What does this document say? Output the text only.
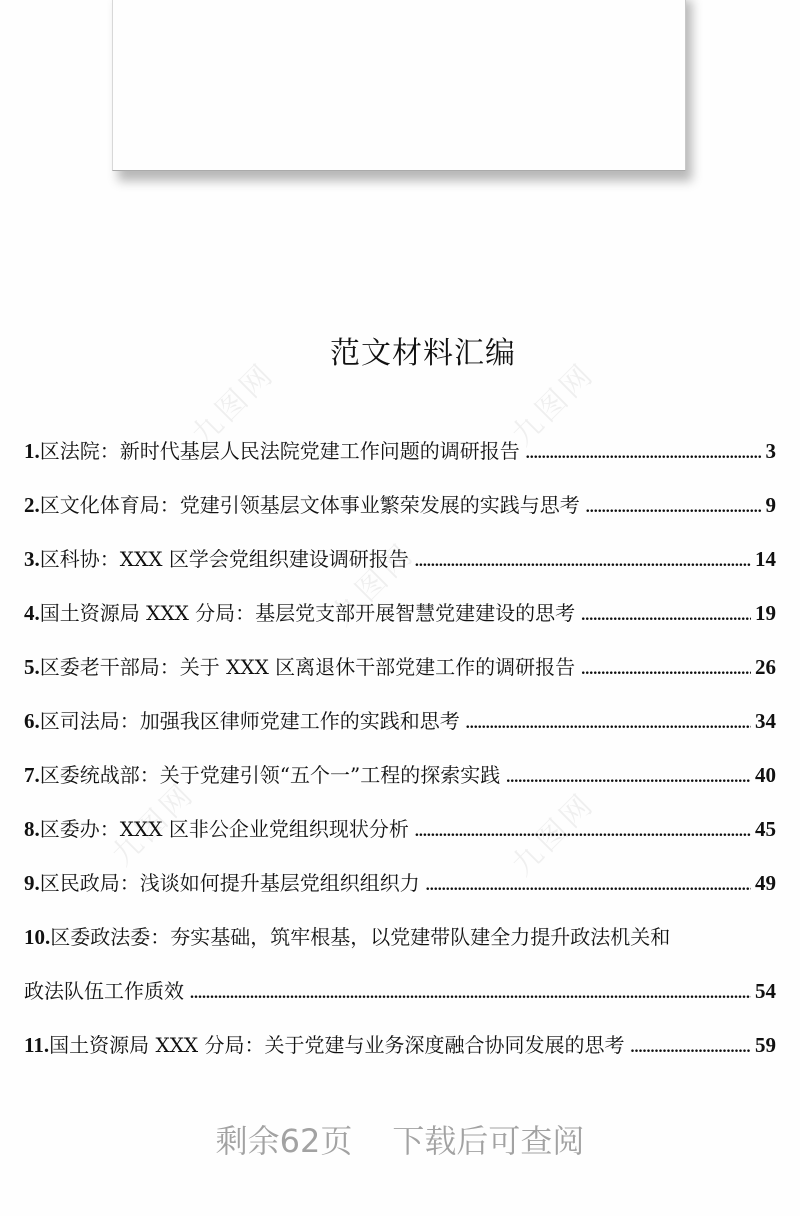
九图网	九图网
九图网
九图网	九图网
范文材料汇编
1. 区法院：新时代基层人民法院党建工作问题的调研报告 .....	3
2. 区文化体育局：党建引领基层文体事业繁荣发展的实践与思考 .....	9
3. 区科协：XXX 区学会党组织建设调研报告 .....	14
4. 国土资源局 XXX 分局：基层党支部开展智慧党建建设的思考 .....	19
5. 区委老干部局：关于 XXX 区离退休干部党建工作的调研报告 .....	26
6. 区司法局：加强我区律师党建工作的实践和思考 .....	34
7. 区委统战部：关于党建引领“五个一”工程的探索实践 .....	40
8. 区委办：XXX 区非公企业党组织现状分析 .....	45
9. 区民政局：浅谈如何提升基层党组织组织力 .....	49
10.区委政法委：夯实基础，筑牢根基，以党建带队建全力提升政法机关和
政法队伍工作质效 .....	54
11. 国土资源局 XXX 分局：关于党建与业务深度融合协同发展的思考 .....	59
剩余62页 下载后可查阅
